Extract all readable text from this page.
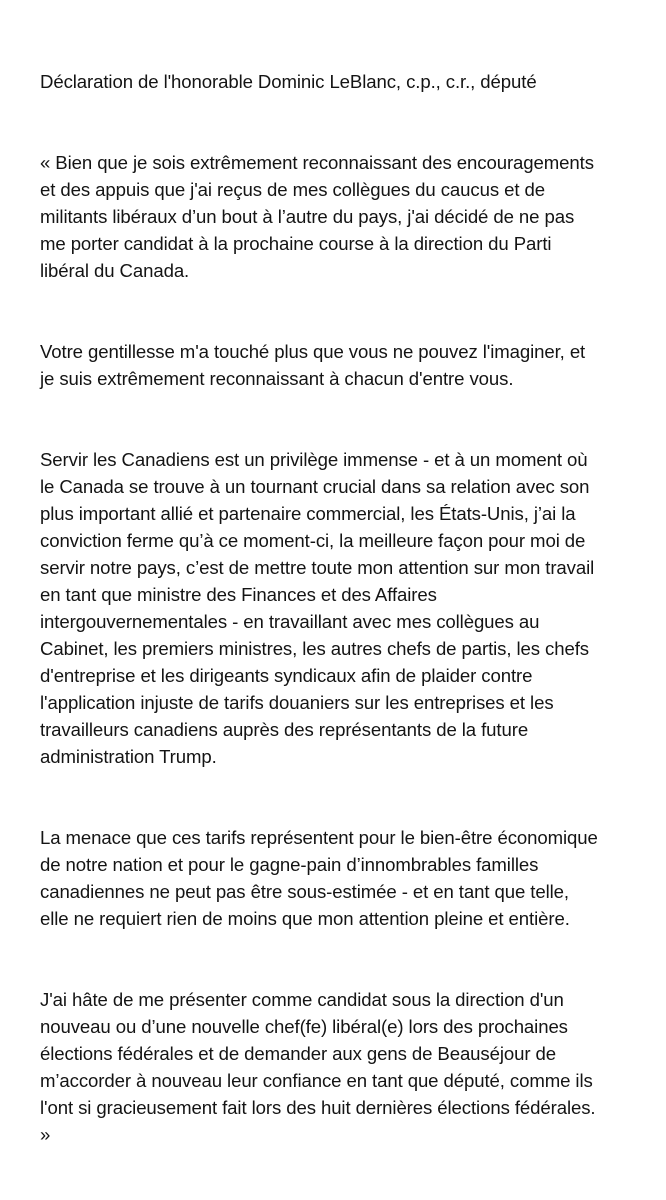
Déclaration de l'honorable Dominic LeBlanc, c.p., c.r., député
« Bien que je sois extrêmement reconnaissant des encouragements
et des appuis que j'ai reçus de mes collègues du caucus et de
militants libéraux d’un bout à l’autre du pays, j'ai décidé de ne pas
me porter candidat à la prochaine course à la direction du Parti
libéral du Canada.
Votre gentillesse m'a touché plus que vous ne pouvez l'imaginer, et
je suis extrêmement reconnaissant à chacun d'entre vous.
Servir les Canadiens est un privilège immense - et à un moment où
le Canada se trouve à un tournant crucial dans sa relation avec son
plus important allié et partenaire commercial, les États-Unis, j’ai la
conviction ferme qu’à ce moment-ci, la meilleure façon pour moi de
servir notre pays, c’est de mettre toute mon attention sur mon travail
en tant que ministre des Finances et des Affaires
intergouvernementales - en travaillant avec mes collègues au
Cabinet, les premiers ministres, les autres chefs de partis, les chefs
d'entreprise et les dirigeants syndicaux afin de plaider contre
l'application injuste de tarifs douaniers sur les entreprises et les
travailleurs canadiens auprès des représentants de la future
administration Trump.
La menace que ces tarifs représentent pour le bien-être économique
de notre nation et pour le gagne-pain d’innombrables familles
canadiennes ne peut pas être sous-estimée - et en tant que telle,
elle ne requiert rien de moins que mon attention pleine et entière.
J'ai hâte de me présenter comme candidat sous la direction d'un
nouveau ou d’une nouvelle chef(fe) libéral(e) lors des prochaines
élections fédérales et de demander aux gens de Beauséjour de
m’accorder à nouveau leur confiance en tant que député, comme ils
l'ont si gracieusement fait lors des huit dernières élections fédérales.
»
